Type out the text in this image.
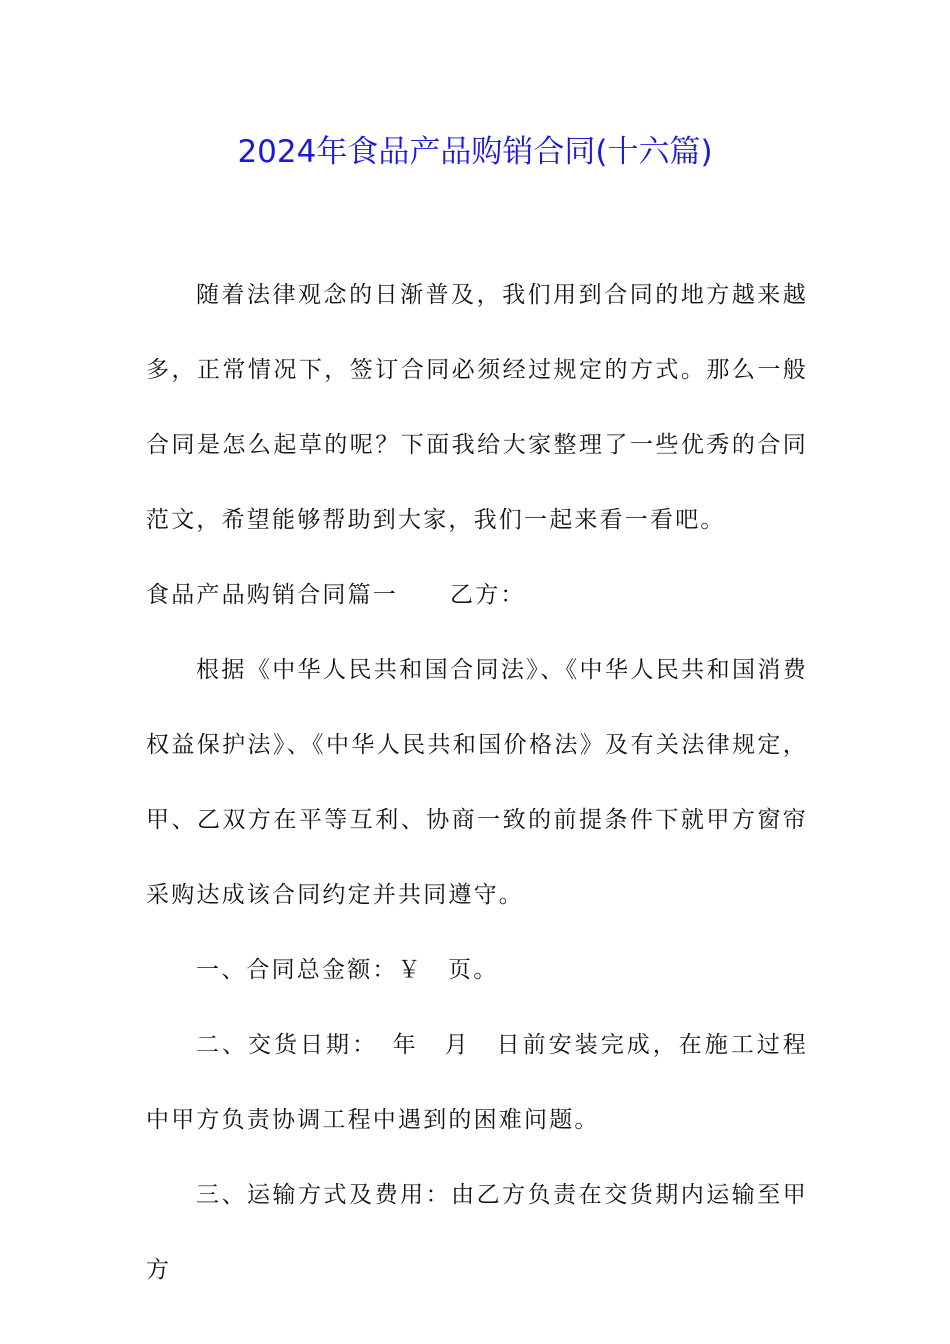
2024年食品产品购销合同(十六篇)

随着法律观念的日渐普及，我们用到合同的地方越来越多，正常情况下，签订合同必须经过规定的方式。那么一般合同是怎么起草的呢？下面我给大家整理了一些优秀的合同范文，希望能够帮助到大家，我们一起来看一看吧。

食品产品购销合同篇一 乙方：

根据《中华人民共和国合同法》、《中华人民共和国消费权益保护法》、《中华人民共和国价格法》及有关法律规定，甲、乙双方在平等互利、协商一致的前提条件下就甲方窗帘采购达成该合同约定并共同遵守。

一、合同总金额：￥　页。

二、交货日期：　年　月　日前安装完成，在施工过程中甲方负责协调工程中遇到的困难问题。

三、运输方式及费用：由乙方负责在交货期内运输至甲方
